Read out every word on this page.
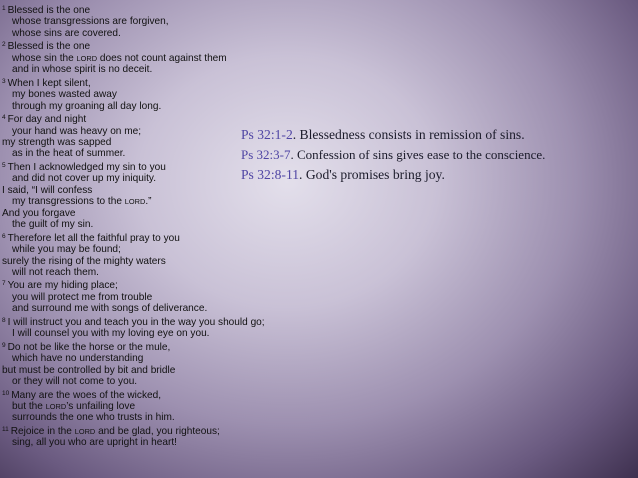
$^1$ Blessed is the one
whose transgressions are forgiven,
whose sins are covered.
$^2$ Blessed is the one
whose sin the LORD does not count against them
and in whose spirit is no deceit.
$^3$ When I kept silent,
my bones wasted away
through my groaning all day long.
$^4$ For day and night
your hand was heavy on me;
my strength was sapped
as in the heat of summer.
$^5$ Then I acknowledged my sin to you
and did not cover up my iniquity.
I said, “I will confess
my transgressions to the LORD.”
And you forgave
the guilt of my sin.
$^6$ Therefore let all the faithful pray to you
while you may be found;
surely the rising of the mighty waters
will not reach them.
$^7$ You are my hiding place;
you will protect me from trouble
and surround me with songs of deliverance.
$^8$ I will instruct you and teach you in the way you should go;
I will counsel you with my loving eye on you.
$^9$ Do not be like the horse or the mule,
which have no understanding
but must be controlled by bit and bridle
or they will not come to you.
$^{10}$ Many are the woes of the wicked,
but the LORD’s unfailing love
surrounds the one who trusts in him.
$^{11}$ Rejoice in the LORD and be glad, you righteous;
sing, all you who are upright in heart!
Ps 32:1-2. Blessedness consists in remission of sins.
Ps 32:3-7. Confession of sins gives ease to the conscience.
Ps 32:8-11. God's promises bring joy.
